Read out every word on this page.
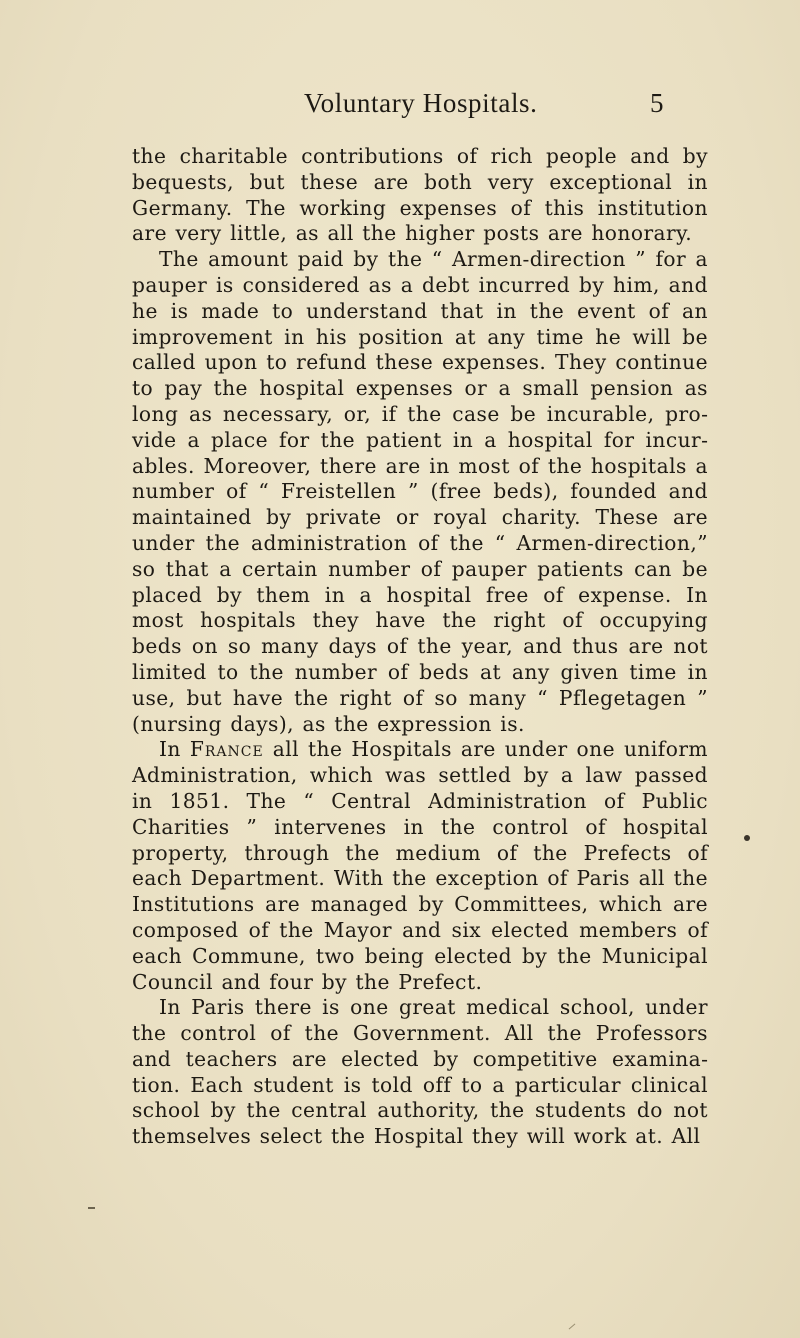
Voluntary Hospitals.	5

the charitable contributions of rich people and by bequests, but these are both very exceptional in Germany. The working expenses of this institution are very little, as all the higher posts are honorary.

The amount paid by the “ Armen-direction ” for a pauper is considered as a debt incurred by him, and he is made to understand that in the event of an improvement in his position at any time he will be called upon to refund these expenses. They continue to pay the hospital expenses or a small pension as long as necessary, or, if the case be incurable, provide a place for the patient in a hospital for incurables. Moreover, there are in most of the hospitals a number of “ Freistellen ” (free beds), founded and maintained by private or royal charity. These are under the administration of the “ Armen-direction,” so that a certain number of pauper patients can be placed by them in a hospital free of expense. In most hospitals they have the right of occupying beds on so many days of the year, and thus are not limited to the number of beds at any given time in use, but have the right of so many “ Pflegetagen ” (nursing days), as the expression is.

In France all the Hospitals are under one uniform Administration, which was settled by a law passed in 1851. The “ Central Administration of Public Charities ” intervenes in the control of hospital property, through the medium of the Prefects of each Department. With the exception of Paris all the Institutions are managed by Committees, which are composed of the Mayor and six elected members of each Commune, two being elected by the Municipal Council and four by the Prefect.

In Paris there is one great medical school, under the control of the Government. All the Professors and teachers are elected by competitive examination. Each student is told off to a particular clinical school by the central authority, the students do not themselves select the Hospital they will work at. All
